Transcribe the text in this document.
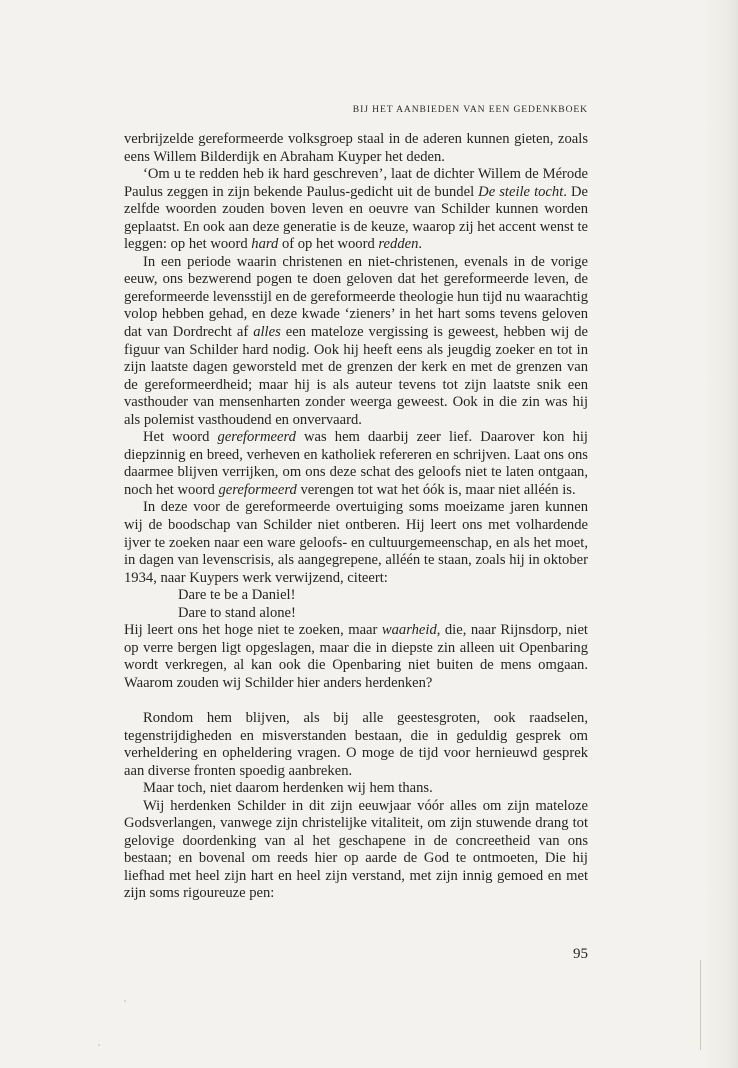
BIJ HET AANBIEDEN VAN EEN GEDENKBOEK

verbrijzelde gereformeerde volksgroep staal in de aderen kunnen gieten, zoals eens Willem Bilderdijk en Abraham Kuyper het deden.

‘Om u te redden heb ik hard geschreven’, laat de dichter Willem de Mérode Paulus zeggen in zijn bekende Paulus-gedicht uit de bundel De steile tocht. De zelfde woorden zouden boven leven en oeuvre van Schilder kunnen worden geplaatst. En ook aan deze generatie is de keuze, waarop zij het accent wenst te leggen: op het woord hard of op het woord redden.

In een periode waarin christenen en niet-christenen, evenals in de vorige eeuw, ons bezwerend pogen te doen geloven dat het gereformeerde leven, de gereformeerde levensstijl en de gereformeerde theologie hun tijd nu waarachtig volop hebben gehad, en deze kwade ‘zieners’ in het hart soms tevens geloven dat van Dordrecht af alles een mateloze vergissing is geweest, hebben wij de figuur van Schilder hard nodig. Ook hij heeft eens als jeugdig zoeker en tot in zijn laatste dagen geworsteld met de grenzen der kerk en met de grenzen van de gereformeerdheid; maar hij is als auteur tevens tot zijn laatste snik een vasthouder van mensenharten zonder weerga geweest. Ook in die zin was hij als polemist vasthoudend en onvervaard.

Het woord gereformeerd was hem daarbij zeer lief. Daarover kon hij diepzinnig en breed, verheven en katholiek refereren en schrijven. Laat ons ons daarmee blijven verrijken, om ons deze schat des geloofs niet te laten ontgaan, noch het woord gereformeerd verengen tot wat het óók is, maar niet alléén is.

In deze voor de gereformeerde overtuiging soms moeizame jaren kunnen wij de boodschap van Schilder niet ontberen. Hij leert ons met volhardende ijver te zoeken naar een ware geloofs- en cultuurgemeenschap, en als het moet, in dagen van levenscrisis, als aangegrepene, alléén te staan, zoals hij in oktober 1934, naar Kuypers werk verwijzend, citeert:

Dare te be a Daniel!

Dare to stand alone!

Hij leert ons het hoge niet te zoeken, maar waarheid, die, naar Rijnsdorp, niet op verre bergen ligt opgeslagen, maar die in diepste zin alleen uit Openbaring wordt verkregen, al kan ook die Openbaring niet buiten de mens omgaan. Waarom zouden wij Schilder hier anders herdenken?

Rondom hem blijven, als bij alle geestesgroten, ook raadselen, tegenstrijdigheden en misverstanden bestaan, die in geduldig gesprek om verheldering en opheldering vragen. O moge de tijd voor hernieuwd gesprek aan diverse fronten spoedig aanbreken.

Maar toch, niet daarom herdenken wij hem thans.

Wij herdenken Schilder in dit zijn eeuwjaar vóór alles om zijn mateloze Godsverlangen, vanwege zijn christelijke vitaliteit, om zijn stuwende drang tot gelovige doordenking van al het geschapene in de concreetheid van ons bestaan; en bovenal om reeds hier op aarde de God te ontmoeten, Die hij liefhad met heel zijn hart en heel zijn verstand, met zijn innig gemoed en met zijn soms rigoureuze pen:

95
